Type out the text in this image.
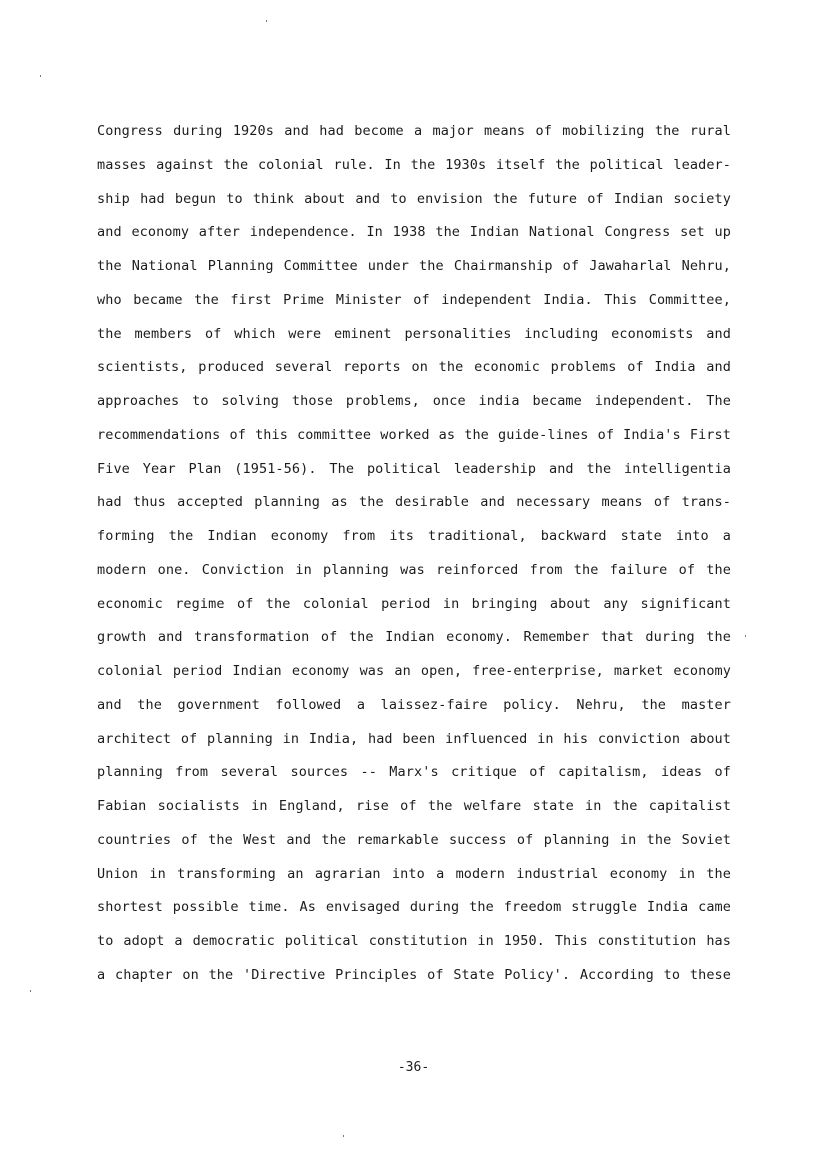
Congress during 1920s and had become a major means of mobilizing the rural
masses against the colonial rule. In the 1930s itself the political leader-
ship had begun to think about and to envision the future of Indian society
and economy after independence. In 1938 the Indian National Congress set up
the National Planning Committee under the Chairmanship of Jawaharlal Nehru,
who became the first Prime Minister of independent India. This Committee,
the members of which were eminent personalities including economists and
scientists, produced several reports on the economic problems of India and
approaches to solving those problems, once india became independent. The
recommendations of this committee worked as the guide-lines of India's First
Five Year Plan (1951-56). The political leadership and the intelligentia
had thus accepted planning as the desirable and necessary means of trans-
forming the Indian economy from its traditional, backward state into a
modern one. Conviction in planning was reinforced from the failure of the
economic regime of the colonial period in bringing about any significant
growth and transformation of the Indian economy. Remember that during the
colonial period Indian economy was an open, free-enterprise, market economy
and the government followed a laissez-faire policy. Nehru, the master
architect of planning in India, had been influenced in his conviction about
planning from several sources -- Marx's critique of capitalism, ideas of
Fabian socialists in England, rise of the welfare state in the capitalist
countries of the West and the remarkable success of planning in the Soviet
Union in transforming an agrarian into a modern industrial economy in the
shortest possible time. As envisaged during the freedom struggle India came
to adopt a democratic political constitution in 1950. This constitution has
a chapter on the 'Directive Principles of State Policy'. According to these
-36-
